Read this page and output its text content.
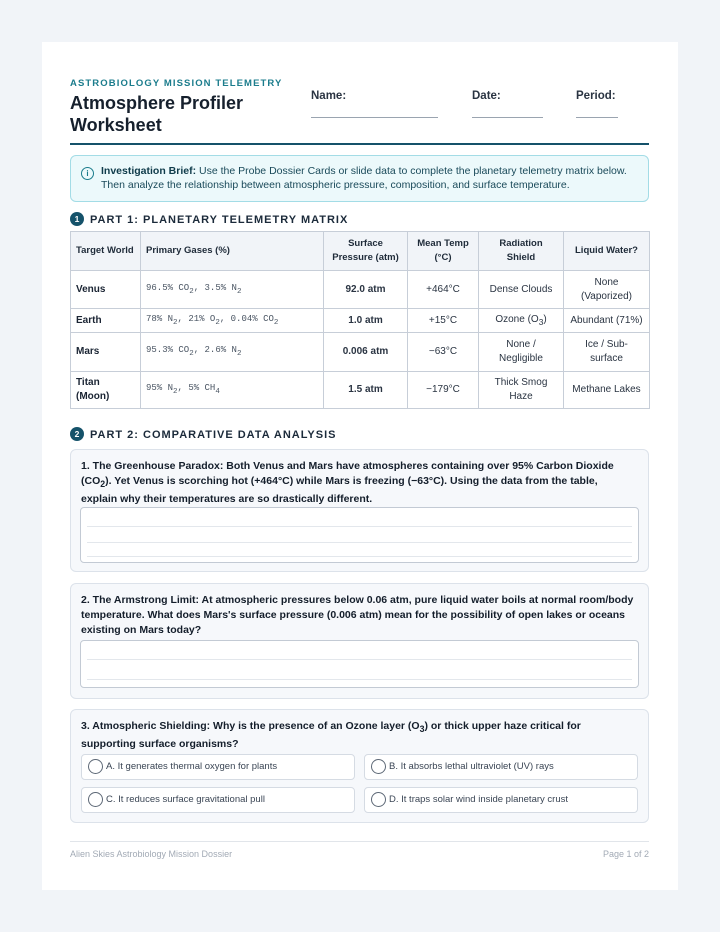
ASTROBIOLOGY MISSION TELEMETRY
Atmosphere Profiler Worksheet
Name:	Date:	Period:
i	Investigation Brief: Use the Probe Dossier Cards or slide data to complete the planetary telemetry matrix below. Then analyze the relationship between atmospheric pressure, composition, and surface temperature.
1 PART 1: PLANETARY TELEMETRY MATRIX
Target World	Primary Gases (%)	Surface Pressure (atm)	Mean Temp (°C)	Radiation Shield	Liquid Water?
Venus	96.5% $CO_2$, 3.5% $N_2$	92.0 atm	+464°C	Dense Clouds	None (Vaporized)
Earth	78% $N_2$, 21% $O_2$, 0.04% $CO_2$	1.0 atm	+15°C	Ozone $(O_3)$	Abundant (71%)
Mars	95.3% $CO_2$, 2.6% $N_2$	0.006 atm	−63°C	None / Negligible	Ice / Sub-surface
Titan (Moon)	95% $N_2$, 5% $CH_4$	1.5 atm	−179°C	Thick Smog Haze	Methane Lakes
2 PART 2: COMPARATIVE DATA ANALYSIS
1. The Greenhouse Paradox: Both Venus and Mars have atmospheres containing over 95% Carbon Dioxide $(CO_2)$. Yet Venus is scorching hot (+464°C) while Mars is freezing (−63°C). Using the data from the table, explain why their temperatures are so drastically different.
2. The Armstrong Limit: At atmospheric pressures below 0.06 atm, pure liquid water boils at normal room/body temperature. What does Mars's surface pressure (0.006 atm) mean for the possibility of open lakes or oceans existing on Mars today?
3. Atmospheric Shielding: Why is the presence of an Ozone layer $(O_3)$ or thick upper haze critical for supporting surface organisms?
A. It generates thermal oxygen for plants	B. It absorbs lethal ultraviolet (UV) rays
C. It reduces surface gravitational pull	D. It traps solar wind inside planetary crust
Alien Skies Astrobiology Mission Dossier	Page 1 of 2
